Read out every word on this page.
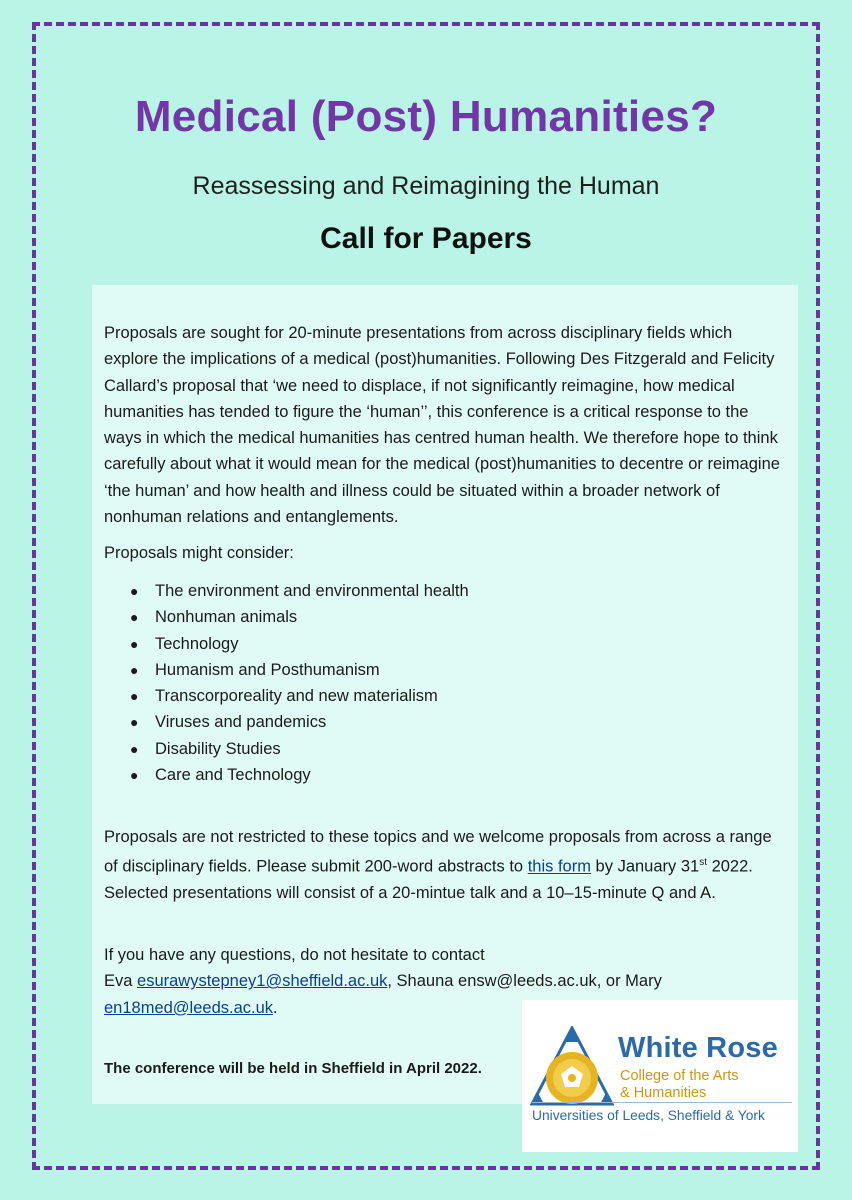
Medical (Post) Humanities?
Reassessing and Reimagining the Human
Call for Papers
Proposals are sought for 20-minute presentations from across disciplinary fields which explore the implications of a medical (post)humanities. Following Des Fitzgerald and Felicity Callard’s proposal that ‘we need to displace, if not significantly reimagine, how medical humanities has tended to figure the ‘human’’, this conference is a critical response to the ways in which the medical humanities has centred human health. We therefore hope to think carefully about what it would mean for the medical (post)humanities to decentre or reimagine ‘the human’ and how health and illness could be situated within a broader network of nonhuman relations and entanglements.
Proposals might consider:
● The environment and environmental health
● Nonhuman animals
● Technology
● Humanism and Posthumanism
● Transcorporeality and new materialism
● Viruses and pandemics
● Disability Studies
● Care and Technology
Proposals are not restricted to these topics and we welcome proposals from across a range of disciplinary fields. Please submit 200-word abstracts to this form by January 31st 2022. Selected presentations will consist of a 20-mintue talk and a 10–15-minute Q and A.
If you have any questions, do not hesitate to contact
Eva esurawystepney1@sheffield.ac.uk, Shauna ensw@leeds.ac.uk, or Mary
en18med@leeds.ac.uk.
The conference will be held in Sheffield in April 2022.
White Rose
College of the Arts
& Humanities
Universities of Leeds, Sheffield & York
